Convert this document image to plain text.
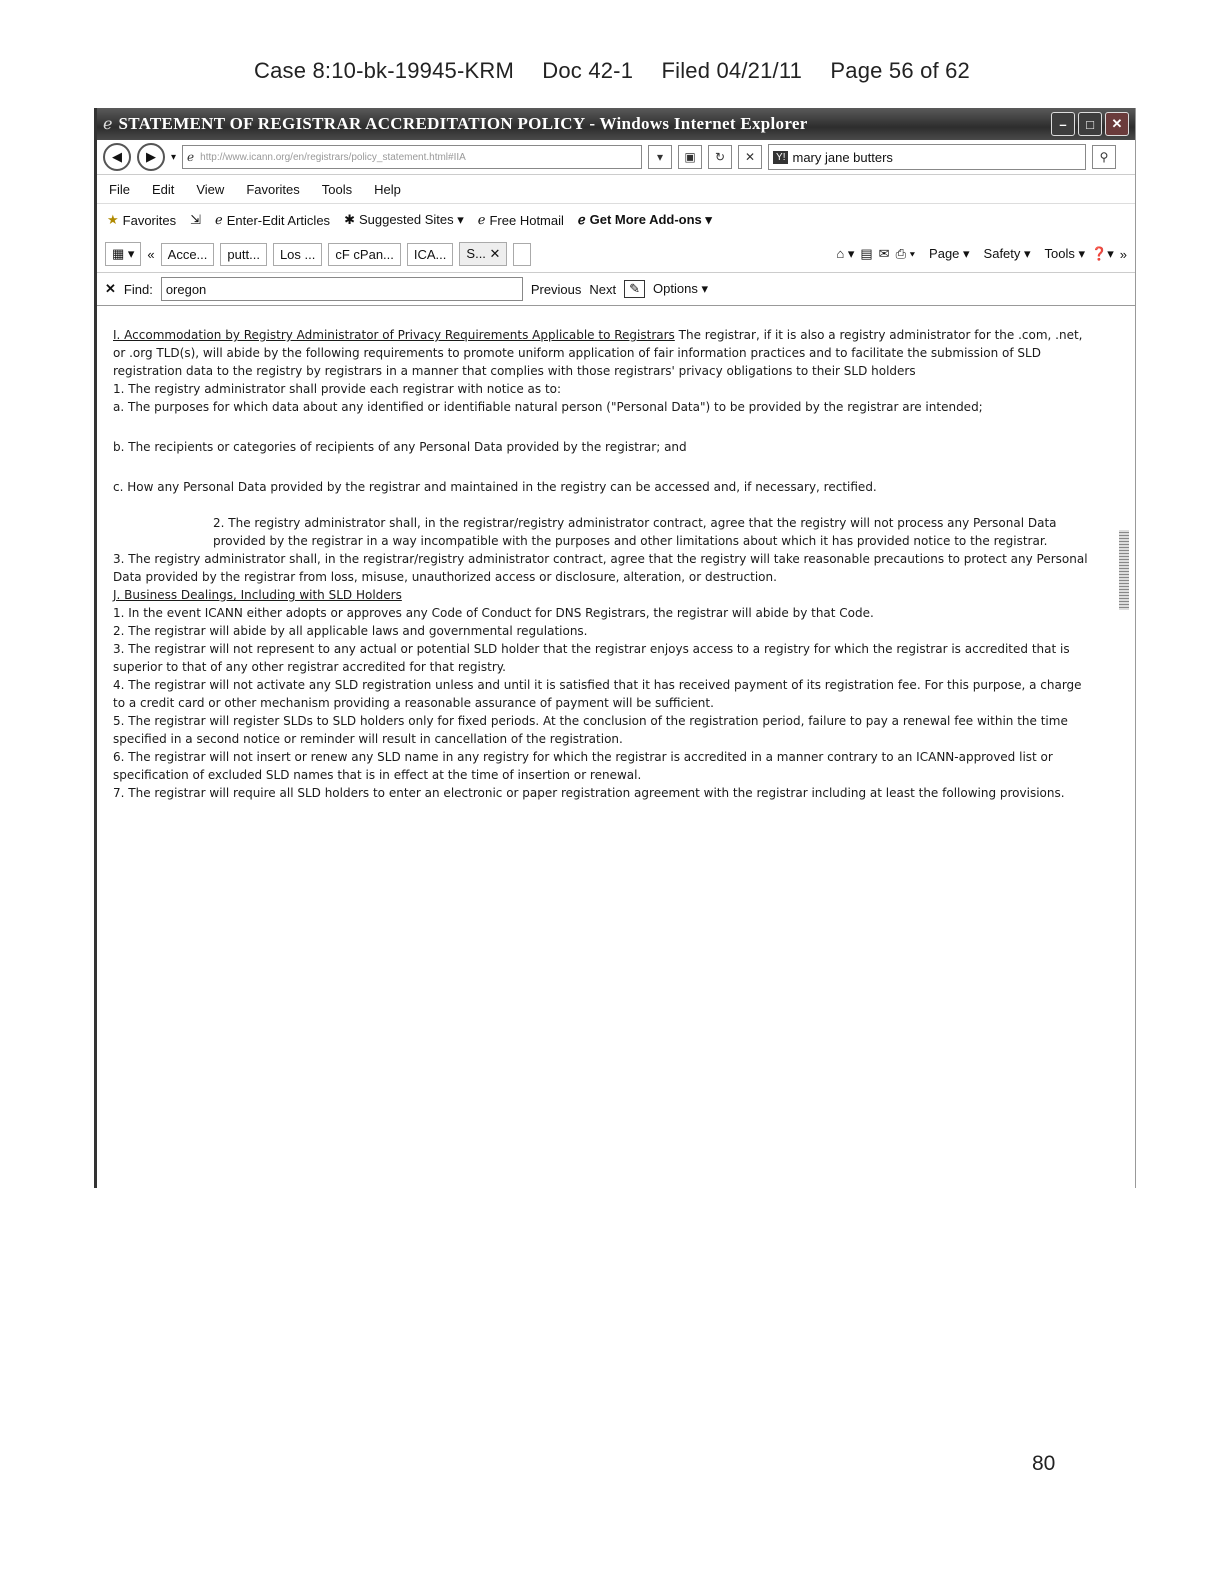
Case 8:10-bk-19945-KRM Doc 42-1 Filed 04/21/11 Page 56 of 62
ℯ STATEMENT OF REGISTRAR ACCREDITATION POLICY - Windows Internet Explorer	–	□	✕
◀	▶	▾ ℯ http://www.icann.org/en/registrars/policy_statement.html#IIA	▾	▣	↻	✕	Y! mary jane butters	⚲
File Edit View Favorites Tools Help
★ Favorites ⇲ ℯ Enter-Edit Articles ✱ Suggested Sites ▾ ℯ Free Hotmail ℯ Get More Add-ons ▾
▦ ▾	«	Acce...	putt...	Los ...	cF cPan...	ICA...	S... ✕
	⌂ ▾ ▤ ✉ ⎙ ▾ Page ▾ Safety ▾ Tools ▾ ❓▾ »
✕ Find: oregon	Previous Next	✎	Options ▾

I. Accommodation by Registry Administrator of Privacy Requirements Applicable to Registrars The registrar, if it is also a registry administrator for the .com, .net, or .org TLD(s), will abide by the following requirements to promote uniform application of fair information practices and to facilitate the submission of SLD registration data to the registry by registrars in a manner that complies with those registrars' privacy obligations to their SLD holders

1. The registry administrator shall provide each registrar with notice as to:

a. The purposes for which data about any identified or identifiable natural person ("Personal Data") to be provided by the registrar are intended;

b. The recipients or categories of recipients of any Personal Data provided by the registrar; and

c. How any Personal Data provided by the registrar and maintained in the registry can be accessed and, if necessary, rectified.

2. The registry administrator shall, in the registrar/registry administrator contract, agree that the registry will not process any Personal Data provided by the registrar in a way incompatible with the purposes and other limitations about which it has provided notice to the registrar.

3. The registry administrator shall, in the registrar/registry administrator contract, agree that the registry will take reasonable precautions to protect any Personal Data provided by the registrar from loss, misuse, unauthorized access or disclosure, alteration, or destruction.

J. Business Dealings, Including with SLD Holders

1. In the event ICANN either adopts or approves any Code of Conduct for DNS Registrars, the registrar will abide by that Code.

2. The registrar will abide by all applicable laws and governmental regulations.

3. The registrar will not represent to any actual or potential SLD holder that the registrar enjoys access to a registry for which the registrar is accredited that is superior to that of any other registrar accredited for that registry.

4. The registrar will not activate any SLD registration unless and until it is satisfied that it has received payment of its registration fee. For this purpose, a charge to a credit card or other mechanism providing a reasonable assurance of payment will be sufficient.

5. The registrar will register SLDs to SLD holders only for fixed periods. At the conclusion of the registration period, failure to pay a renewal fee within the time specified in a second notice or reminder will result in cancellation of the registration.

6. The registrar will not insert or renew any SLD name in any registry for which the registrar is accredited in a manner contrary to an ICANN-approved list or specification of excluded SLD names that is in effect at the time of insertion or renewal.

7. The registrar will require all SLD holders to enter an electronic or paper registration agreement with the registrar including at least the following provisions.

80
